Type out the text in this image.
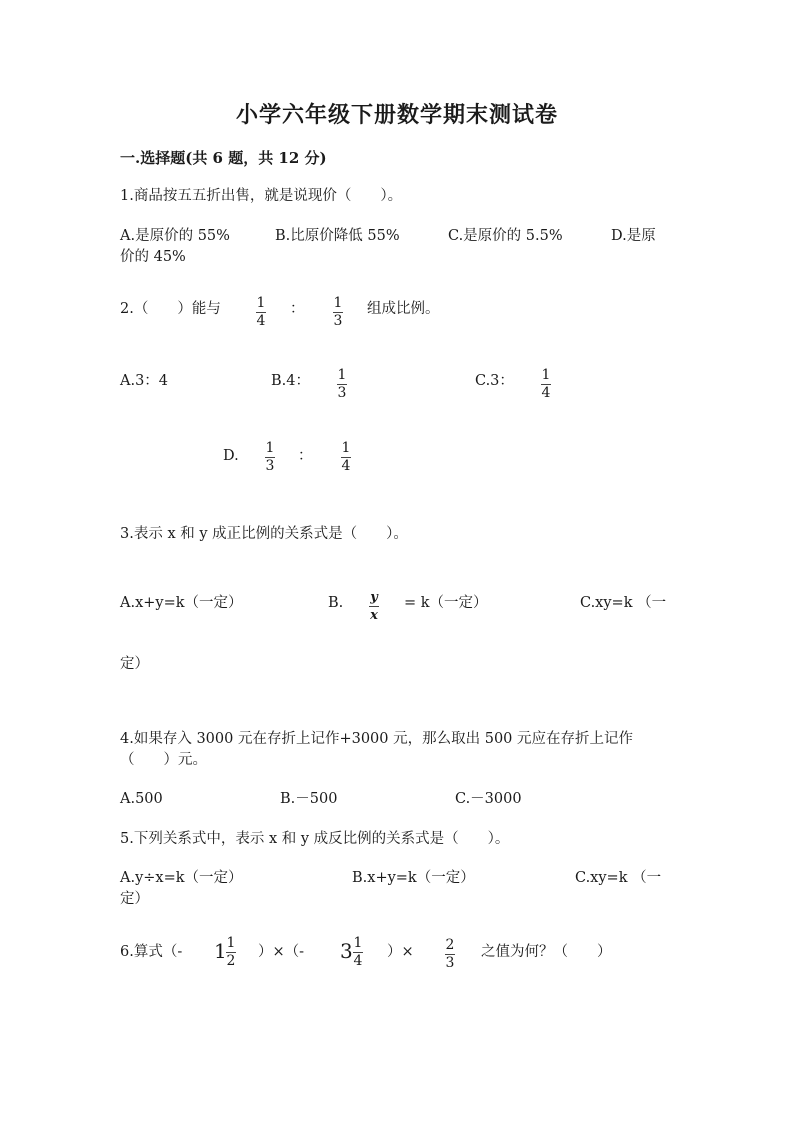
小学六年级下册数学期末测试卷
一.选择题(共 6 题，共 12 分)
1.商品按五五折出售，就是说现价（　　）。
A.是原价的 55%	B.比原价降低 55%	C.是原价的 5.5%	D.是原
价的 45%
2.（　　）能与	1
4
： 1
3
组成比例。
A.3：4	B.4： 1
3
C.3： 1
4
D. 1
3
： 1
4
3.表示 x 和 y 成正比例的关系式是（　　）。
A.x+y=k（一定）	B. y
x
= k（一定）	C.xy=k （一
定）
4.如果存入 3000 元在存折上记作+3000 元，那么取出 500 元应在存折上记作
（　　）元。
A.500	B.－500	C.－3000
5.下列关系式中，表示 x 和 y 成反比例的关系式是（　　）。
A.y÷x=k（一定）	B.x+y=k（一定）	C.xy=k （一
定）
6.算式（- 1 1
2
）×（- 3 1
4
）× 2
3
之值为何？（　　）
